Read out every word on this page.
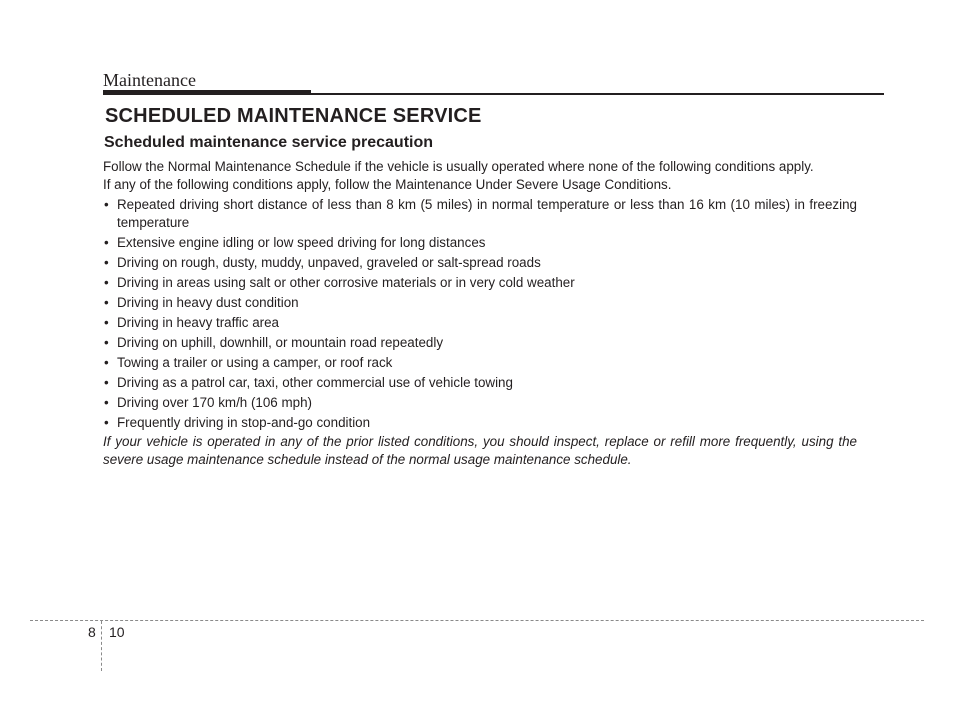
Maintenance
SCHEDULED MAINTENANCE SERVICE
Scheduled maintenance service precaution

Follow the Normal Maintenance Schedule if the vehicle is usually operated where none of the following conditions apply.

If any of the following conditions apply, follow the Maintenance Under Severe Usage Conditions.

• Repeated driving short distance of less than 8 km (5 miles) in normal temperature or less than 16 km (10 miles) in freezing temperature
• Extensive engine idling or low speed driving for long distances
• Driving on rough, dusty, muddy, unpaved, graveled or salt-spread roads
• Driving in areas using salt or other corrosive materials or in very cold weather
• Driving in heavy dust condition
• Driving in heavy traffic area
• Driving on uphill, downhill, or mountain road repeatedly
• Towing a trailer or using a camper, or roof rack
• Driving as a patrol car, taxi, other commercial use of vehicle towing
• Driving over 170 km/h (106 mph)
• Frequently driving in stop-and-go condition
If your vehicle is operated in any of the prior listed conditions, you should inspect, replace or refill more frequently, using the severe usage maintenance schedule instead of the normal usage maintenance schedule.
8 10
